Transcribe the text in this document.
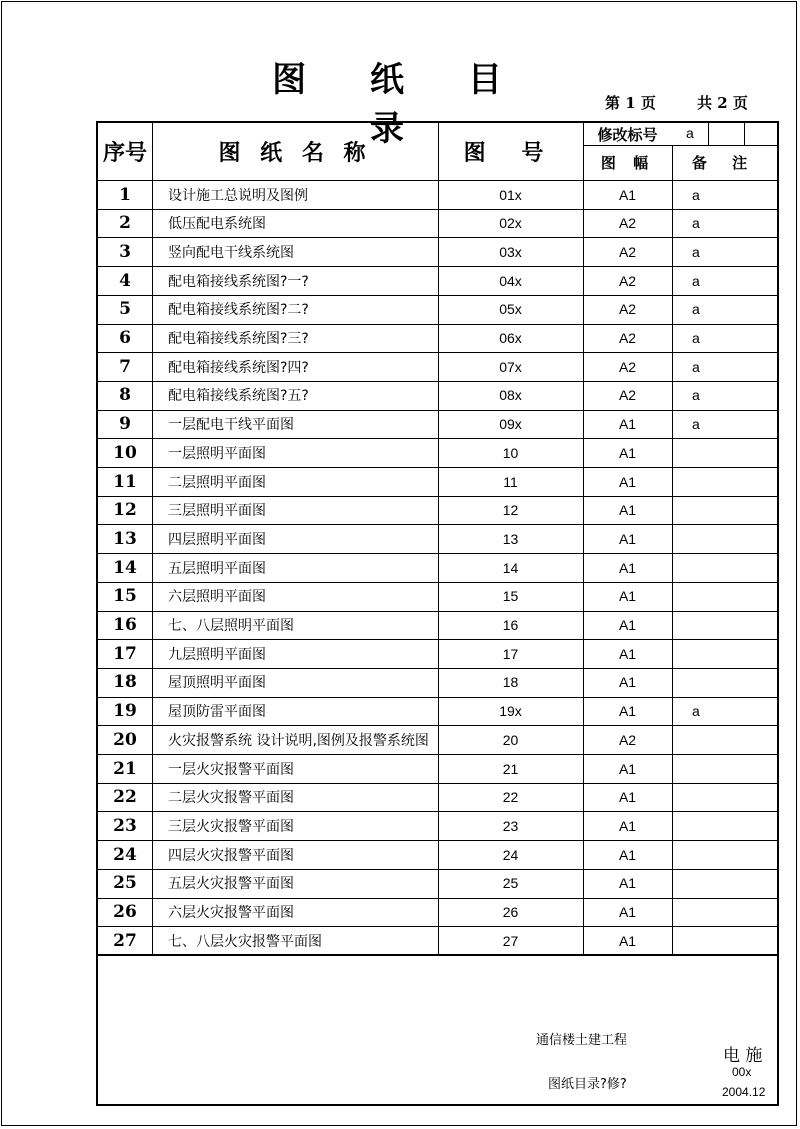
图 纸 目 录
第 1 页	共 2 页
序号	图 纸 名 称	图 号
修改标号	a
图 幅	备 注
1	设计施工总说明及图例	01x	A1	a
2	低压配电系统图	02x	A2	a
3	竖向配电干线系统图	03x	A2	a
4	配电箱接线系统图?一?	04x	A2	a
5	配电箱接线系统图?二?	05x	A2	a
6	配电箱接线系统图?三?	06x	A2	a
7	配电箱接线系统图?四?	07x	A2	a
8	配电箱接线系统图?五?	08x	A2	a
9	一层配电干线平面图	09x	A1	a
10	一层照明平面图	10	A1
11	二层照明平面图	11	A1
12	三层照明平面图	12	A1
13	四层照明平面图	13	A1
14	五层照明平面图	14	A1
15	六层照明平面图	15	A1
16	七、八层照明平面图	16	A1
17	九层照明平面图	17	A1
18	屋顶照明平面图	18	A1
19	屋顶防雷平面图	19x	A1	a
20	火灾报警系统 设计说明,图例及报警系统图	20	A2
21	一层火灾报警平面图	21	A1
22	二层火灾报警平面图	22	A1
23	三层火灾报警平面图	23	A1
24	四层火灾报警平面图	24	A1
25	五层火灾报警平面图	25	A1
26	六层火灾报警平面图	26	A1
27	七、八层火灾报警平面图	27	A1
通信楼土建工程
图纸目录?修?
电 施
00x
2004.12
